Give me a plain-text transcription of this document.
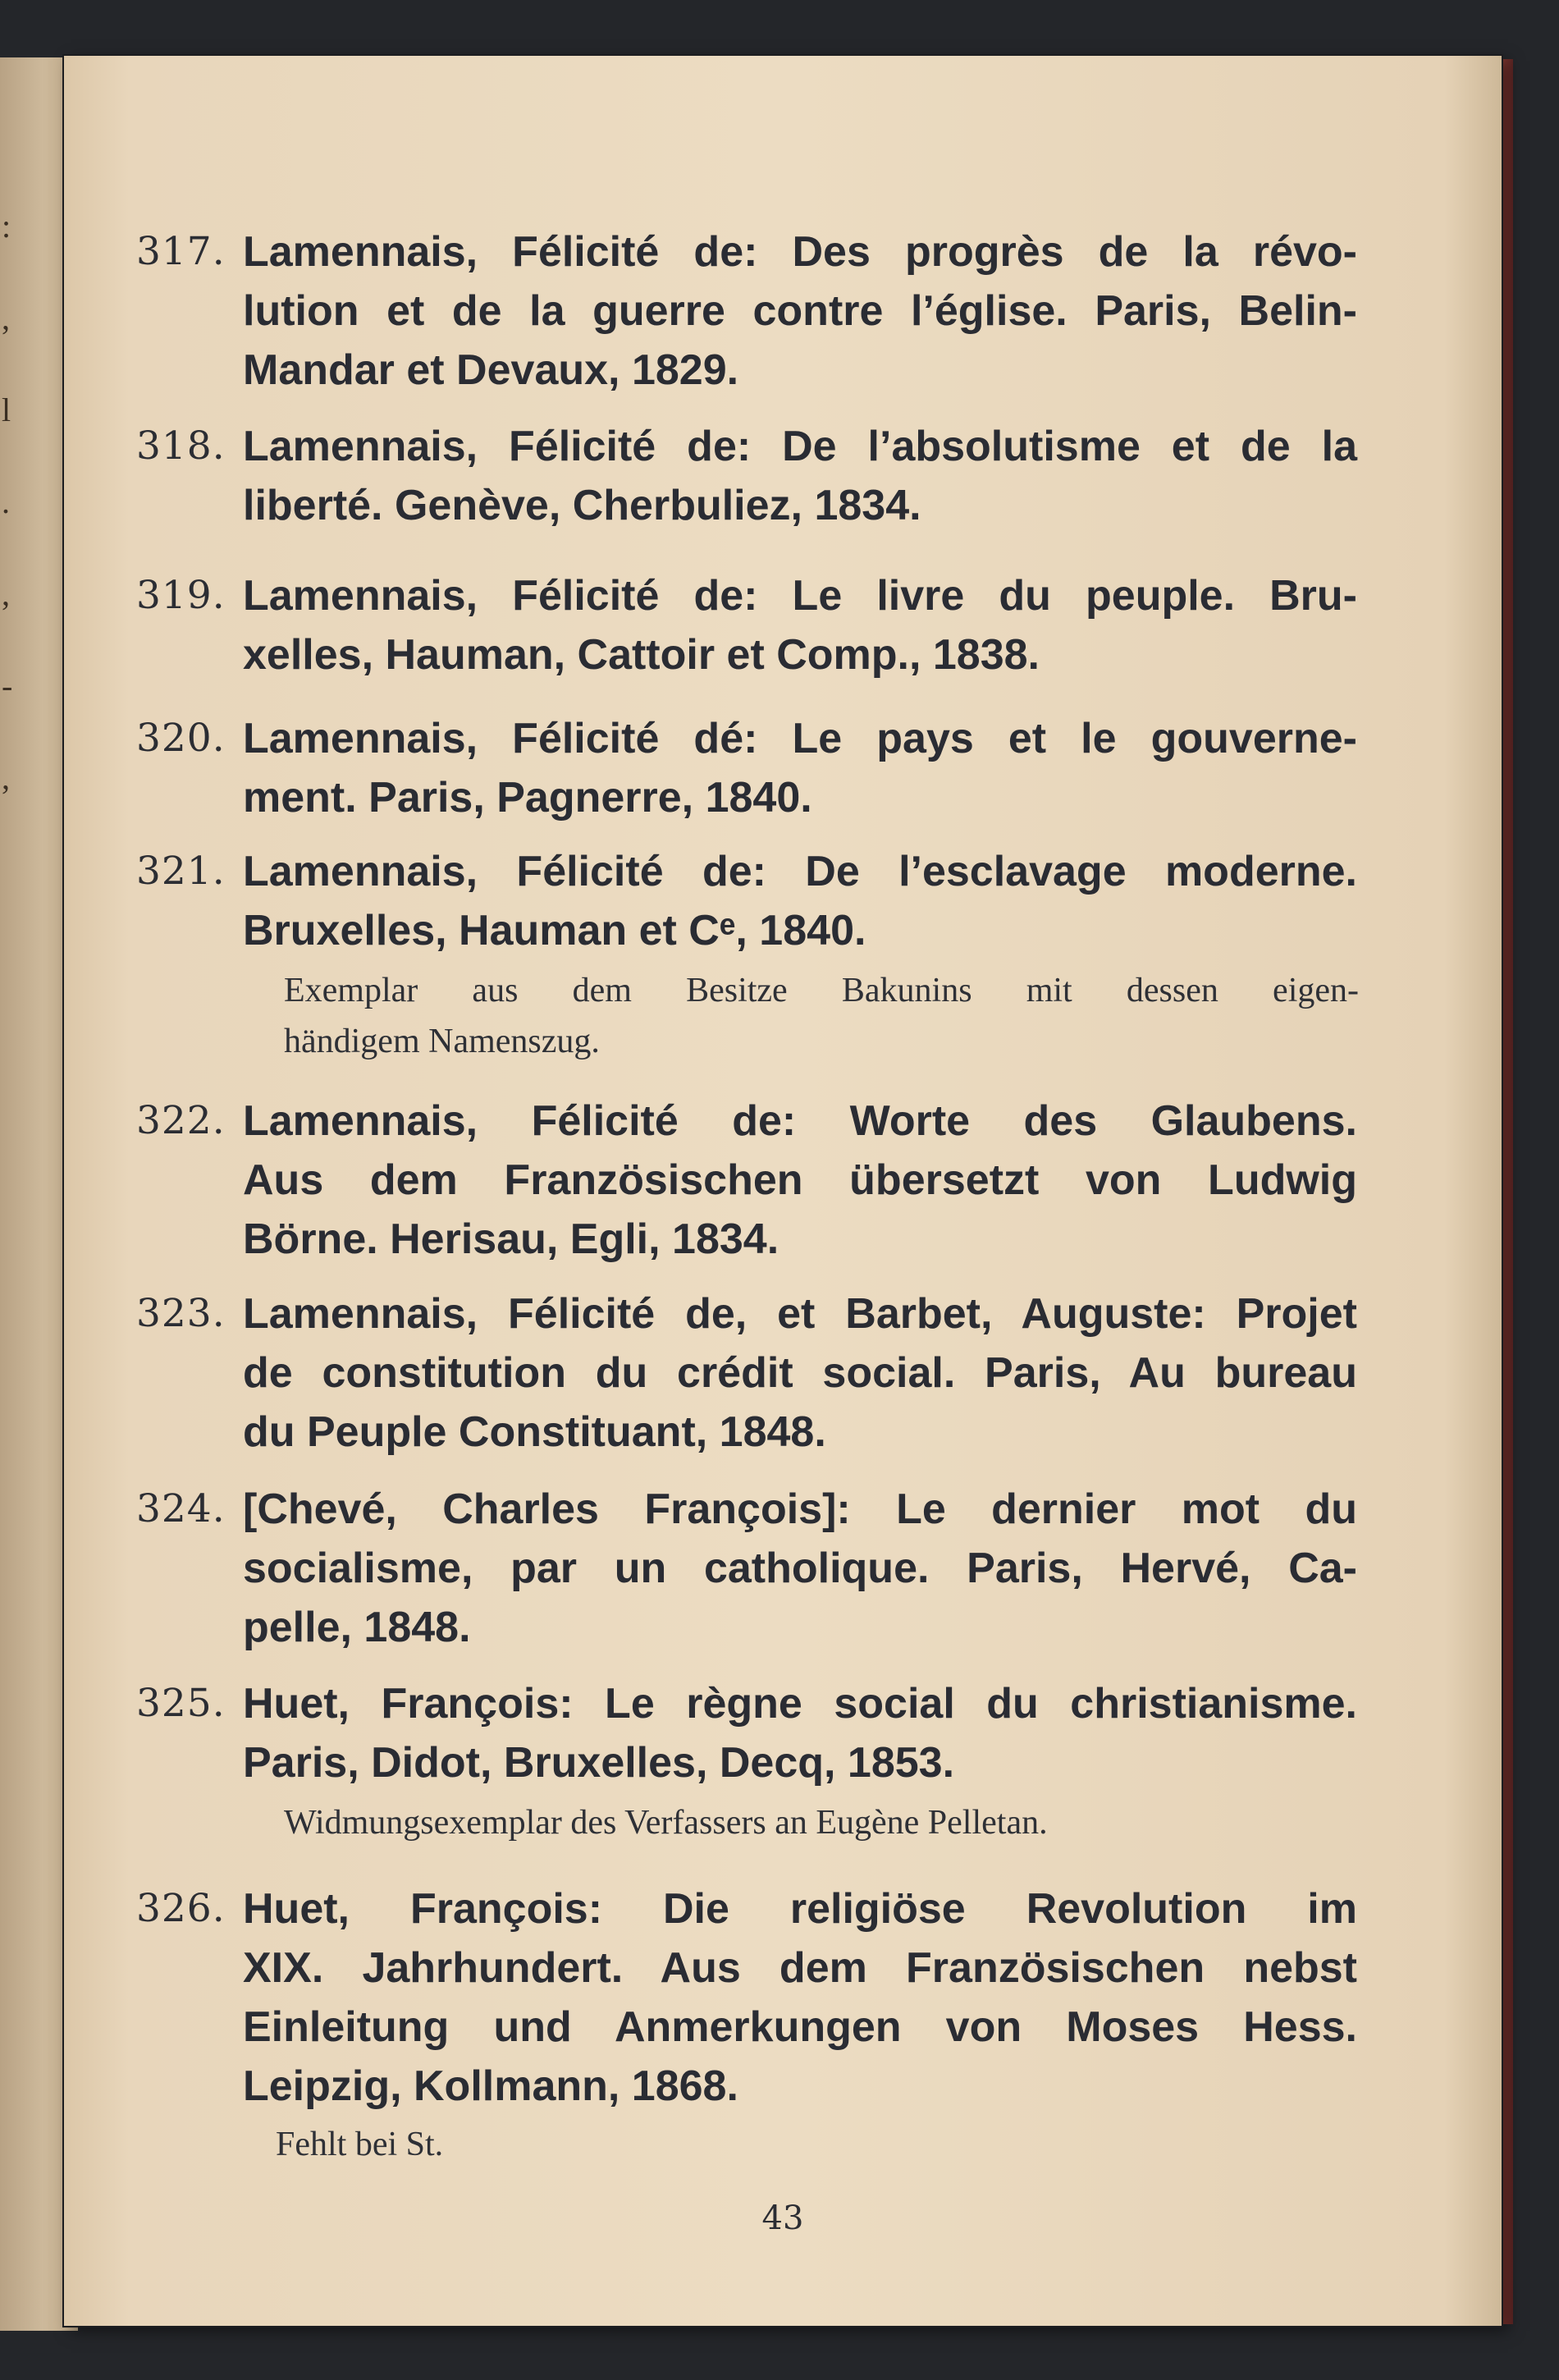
:
,
l
.
,
-
,
317. Lamennais, Félicité de: Des progrès de la révo-
lution et de la guerre contre l’église. Paris, Belin-
Mandar et Devaux, 1829.
318. Lamennais, Félicité de: De l’absolutisme et de la
liberté. Genève, Cherbuliez, 1834.
319. Lamennais, Félicité de: Le livre du peuple. Bru-
xelles, Hauman, Cattoir et Comp., 1838.
320. Lamennais, Félicité dé: Le pays et le gouverne-
ment. Paris, Pagnerre, 1840.
321. Lamennais, Félicité de: De l’esclavage moderne.
Bruxelles, Hauman et Cᵉ, 1840.
Exemplar aus dem Besitze Bakunins mit dessen eigen-
händigem Namenszug.
322. Lamennais, Félicité de: Worte des Glaubens.
Aus dem Französischen übersetzt von Ludwig
Börne. Herisau, Egli, 1834.
323. Lamennais, Félicité de, et Barbet, Auguste: Projet
de constitution du crédit social. Paris, Au bureau
du Peuple Constituant, 1848.
324. [Chevé, Charles François]: Le dernier mot du
socialisme, par un catholique. Paris, Hervé, Ca-
pelle, 1848.
325. Huet, François: Le règne social du christianisme.
Paris, Didot, Bruxelles, Decq, 1853.
Widmungsexemplar des Verfassers an Eugène Pelletan.
326. Huet, François: Die religiöse Revolution im
XIX. Jahrhundert. Aus dem Französischen nebst
Einleitung und Anmerkungen von Moses Hess.
Leipzig, Kollmann, 1868.
Fehlt bei St.
43
